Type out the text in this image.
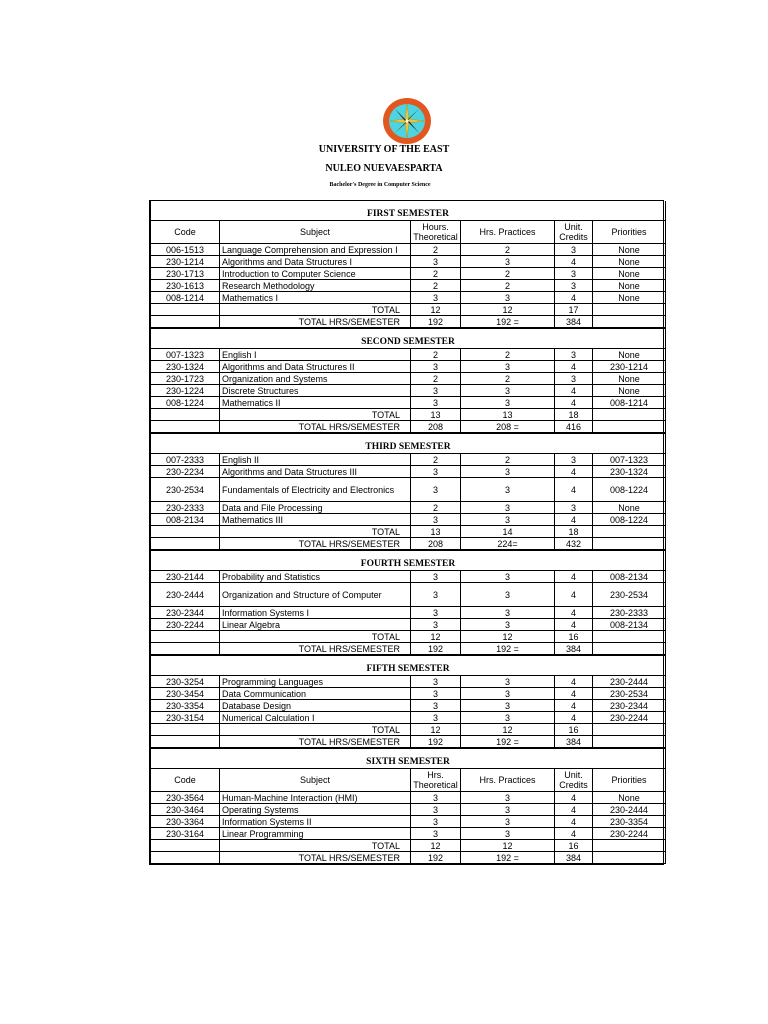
UNIVERSITY OF THE EAST
NULEO NUEVAESPARTA
Bachelor's Degree in Computer Science
FIRST SEMESTER					
Code	Subject	Hours. Theoretical	Hrs. Practices	Unit. Credits	Priorities
006-1513	Language Comprehension and Expression I	2	2	3	None
230-1214	Algorithms and Data Structures I	3	3	4	None
230-1713	Introduction to Computer Science	2	2	3	None
230-1613	Research Methodology	2	2	3	None
008-1214	Mathematics I	3	3	4	None
	TOTAL	12	12	17	
	TOTAL HRS/SEMESTER	192	192 =	384	
SECOND SEMESTER					
007-1323	English I	2	2	3	None
230-1324	Algorithms and Data Structures II	3	3	4	230-1214
230-1723	Organization and Systems	2	2	3	None
230-1224	Discrete Structures	3	3	4	None
008-1224	Mathematics II	3	3	4	008-1214
	TOTAL	13	13	18	
	TOTAL HRS/SEMESTER	208	208 =	416	
THIRD SEMESTER					
007-2333	English II	2	2	3	007-1323
230-2234	Algorithms and Data Structures III	3	3	4	230-1324
230-2534	Fundamentals of Electricity and Electronics	3	3	4	008-1224
230-2333	Data and File Processing	2	3	3	None
008-2134	Mathematics III	3	3	4	008-1224
	TOTAL	13	14	18	
	TOTAL HRS/SEMESTER	208	224=	432	
FOURTH SEMESTER					
230-2144	Probability and Statistics	3	3	4	008-2134
230-2444	Organization and Structure of Computer	3	3	4	230-2534
230-2344	Information Systems I	3	3	4	230-2333
230-2244	Linear Algebra	3	3	4	008-2134
	TOTAL	12	12	16	
	TOTAL HRS/SEMESTER	192	192 =	384	
FIFTH SEMESTER					
230-3254	Programming Languages	3	3	4	230-2444
230-3454	Data Communication	3	3	4	230-2534
230-3354	Database Design	3	3	4	230-2344
230-3154	Numerical Calculation I	3	3	4	230-2244
	TOTAL	12	12	16	
	TOTAL HRS/SEMESTER	192	192 =	384	
SIXTH SEMESTER					
Code	Subject	Hrs. Theoretical	Hrs. Practices	Unit. Credits	Priorities
230-3564	Human-Machine Interaction (HMI)	3	3	4	None
230-3464	Operating Systems	3	3	4	230-2444
230-3364	Information Systems II	3	3	4	230-3354
230-3164	Linear Programming	3	3	4	230-2244
	TOTAL	12	12	16	
	TOTAL HRS/SEMESTER	192	192 =	384	
